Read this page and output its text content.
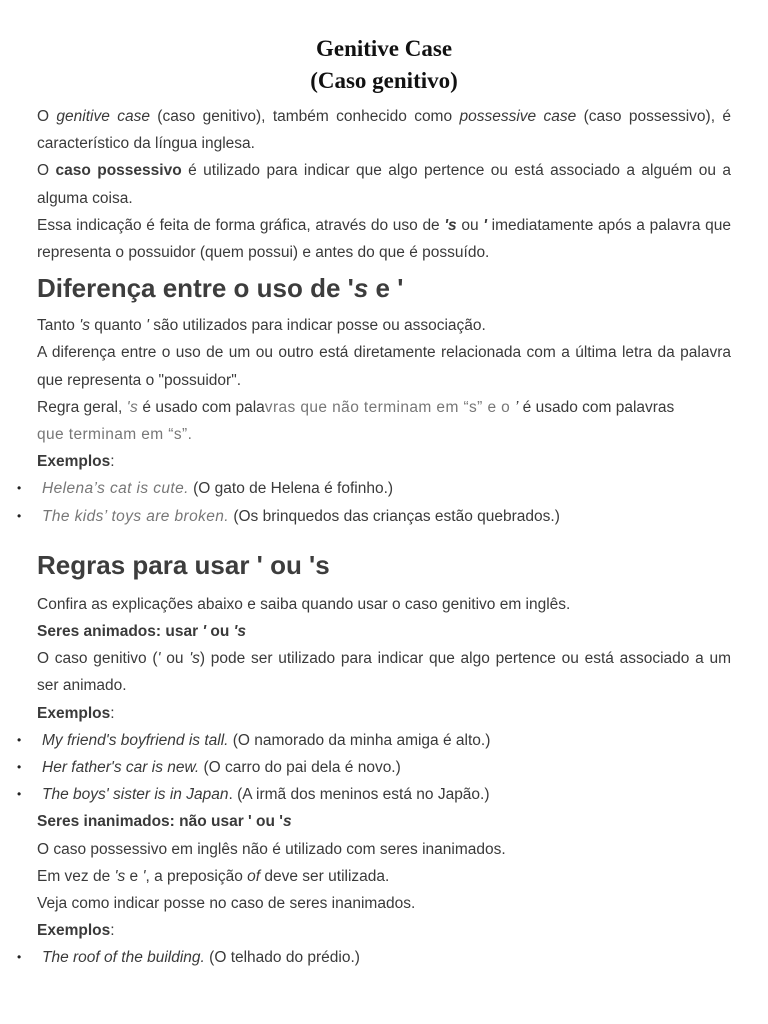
Genitive Case
(Caso genitivo)

O genitive case (caso genitivo), também conhecido como possessive case (caso possessivo), é característico da língua inglesa.

O caso possessivo é utilizado para indicar que algo pertence ou está associado a alguém ou a alguma coisa.

Essa indicação é feita de forma gráfica, através do uso de 's ou ' imediatamente após a palavra que representa o possuidor (quem possui) e antes do que é possuído.

Diferença entre o uso de 's e '

Tanto 's quanto ' são utilizados para indicar posse ou associação.

A diferença entre o uso de um ou outro está diretamente relacionada com a última letra da palavra que representa o "possuidor".

Regra geral, 's é usado com palavras que não terminam em “s” e o ’ é usado com palavras
que terminam em “s”.

Exemplos:

• Helena’s cat is cute. (O gato de Helena é fofinho.)
• The kids’ toys are broken. (Os brinquedos das crianças estão quebrados.)
Regras para usar ' ou 's

Confira as explicações abaixo e saiba quando usar o caso genitivo em inglês.

Seres animados: usar ' ou 's

O caso genitivo (' ou 's) pode ser utilizado para indicar que algo pertence ou está associado a um ser animado.

Exemplos:

• My friend's boyfriend is tall. (O namorado da minha amiga é alto.)
• Her father's car is new. (O carro do pai dela é novo.)
• The boys' sister is in Japan. (A irmã dos meninos está no Japão.)

Seres inanimados: não usar ' ou 's

O caso possessivo em inglês não é utilizado com seres inanimados.

Em vez de 's e ', a preposição of deve ser utilizada.

Veja como indicar posse no caso de seres inanimados.

Exemplos:

• The roof of the building. (O telhado do prédio.)
